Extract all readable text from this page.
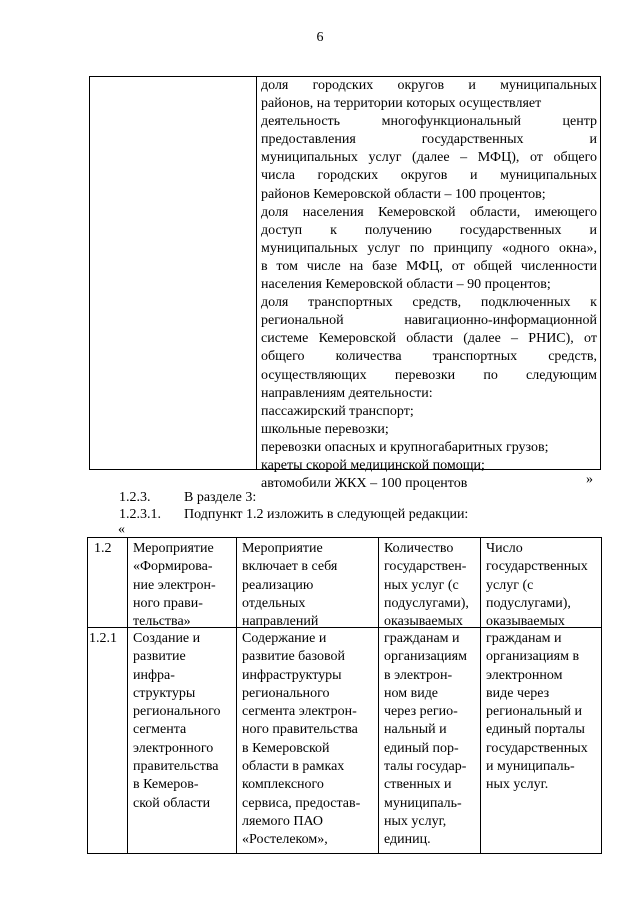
6
доля городских округов и муниципальных
районов, на территории которых осуществляет
деятельность многофункциональный центр
предоставления государственных и
муниципальных услуг (далее – МФЦ), от общего
числа городских округов и муниципальных
районов Кемеровской области – 100 процентов;
доля населения Кемеровской области, имеющего
доступ к получению государственных и
муниципальных услуг по принципу «одного окна»,
в том числе на базе МФЦ, от общей численности
населения Кемеровской области – 90 процентов;
доля транспортных средств, подключенных к
региональной навигационно-информационной
системе Кемеровской области (далее – РНИС), от
общего количества транспортных средств,
осуществляющих перевозки по следующим
направлениям деятельности:
пассажирский транспорт;
школьные перевозки;
перевозки опасных и крупногабаритных грузов;
кареты скорой медицинской помощи;
автомобили ЖКХ – 100 процентов	»
1.2.3. В разделе 3:
1.2.3.1. Подпункт 1.2 изложить в следующей редакции:
«
1.2 Мероприятие
«Формирова-
ние электрон-
ного прави-
тельства»
Мероприятие
включает в себя
реализацию
отдельных
направлений
Количество
государствен-
ных услуг (с
подуслугами),
оказываемых
Число
государственных
услуг (с
подуслугами),
оказываемых
1.2.1 Создание и
развитие
инфра-
структуры
регионального
сегмента
электронного
правительства
в Кемеров-
ской области
Содержание и
развитие базовой
инфраструктуры
регионального
сегмента электрон-
ного правительства
в Кемеровской
области в рамках
комплексного
сервиса, предостав-
ляемого ПАО
«Ростелеком»,
гражданам и
организациям
в электрон-
ном виде
через регио-
нальный и
единый пор-
талы государ-
ственных и
муниципаль-
ных услуг,
единиц.
гражданам и
организациям в
электронном
виде через
региональный и
единый порталы
государственных
и муниципаль-
ных услуг.
